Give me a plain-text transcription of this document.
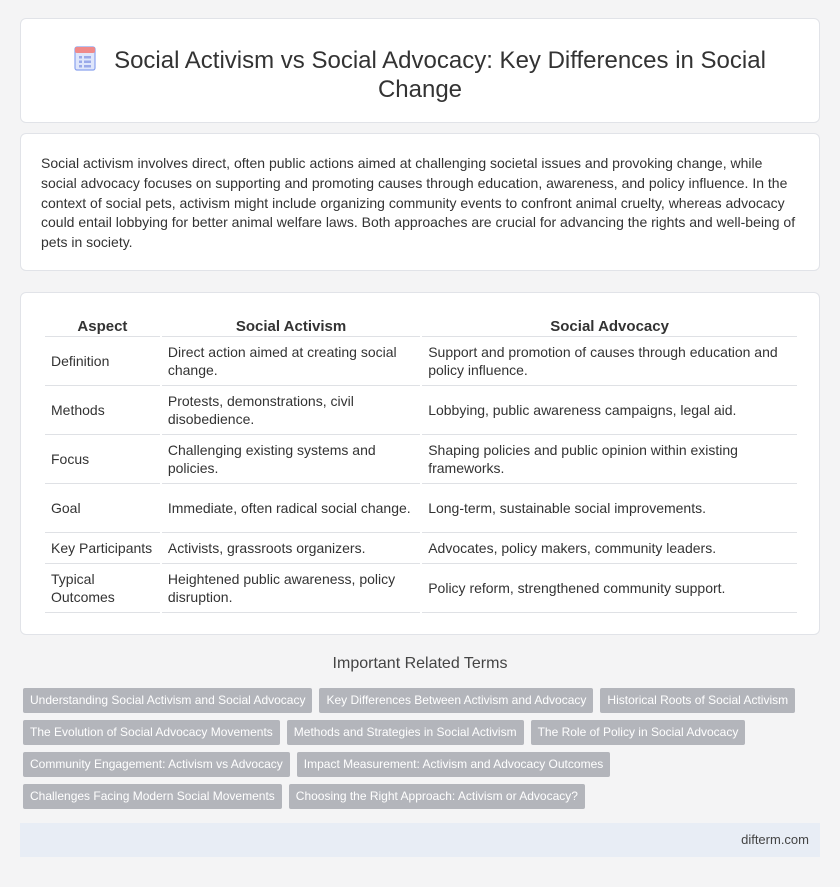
Social Activism vs Social Advocacy: Key Differences in Social Change

Social activism involves direct, often public actions aimed at challenging societal issues and provoking change, while social advocacy focuses on supporting and promoting causes through education, awareness, and policy influence. In the context of social pets, activism might include organizing community events to confront animal cruelty, whereas advocacy could entail lobbying for better animal welfare laws. Both approaches are crucial for advancing the rights and well-being of pets in society.

Aspect	Social Activism	Social Advocacy
Definition	Direct action aimed at creating social change.	Support and promotion of causes through education and policy influence.
Methods	Protests, demonstrations, civil disobedience.	Lobbying, public awareness campaigns, legal aid.
Focus	Challenging existing systems and policies.	Shaping policies and public opinion within existing frameworks.
Goal	Immediate, often radical social change.	Long-term, sustainable social improvements.
Key Participants	Activists, grassroots organizers.	Advocates, policy makers, community leaders.
Typical Outcomes	Heightened public awareness, policy disruption.	Policy reform, strengthened community support.
Important Related Terms
Understanding Social Activism and Social Advocacy	Key Differences Between Activism and Advocacy	Historical Roots of Social Activism
The Evolution of Social Advocacy Movements	Methods and Strategies in Social Activism	The Role of Policy in Social Advocacy
Community Engagement: Activism vs Advocacy	Impact Measurement: Activism and Advocacy Outcomes
Challenges Facing Modern Social Movements	Choosing the Right Approach: Activism or Advocacy?
difterm.com
